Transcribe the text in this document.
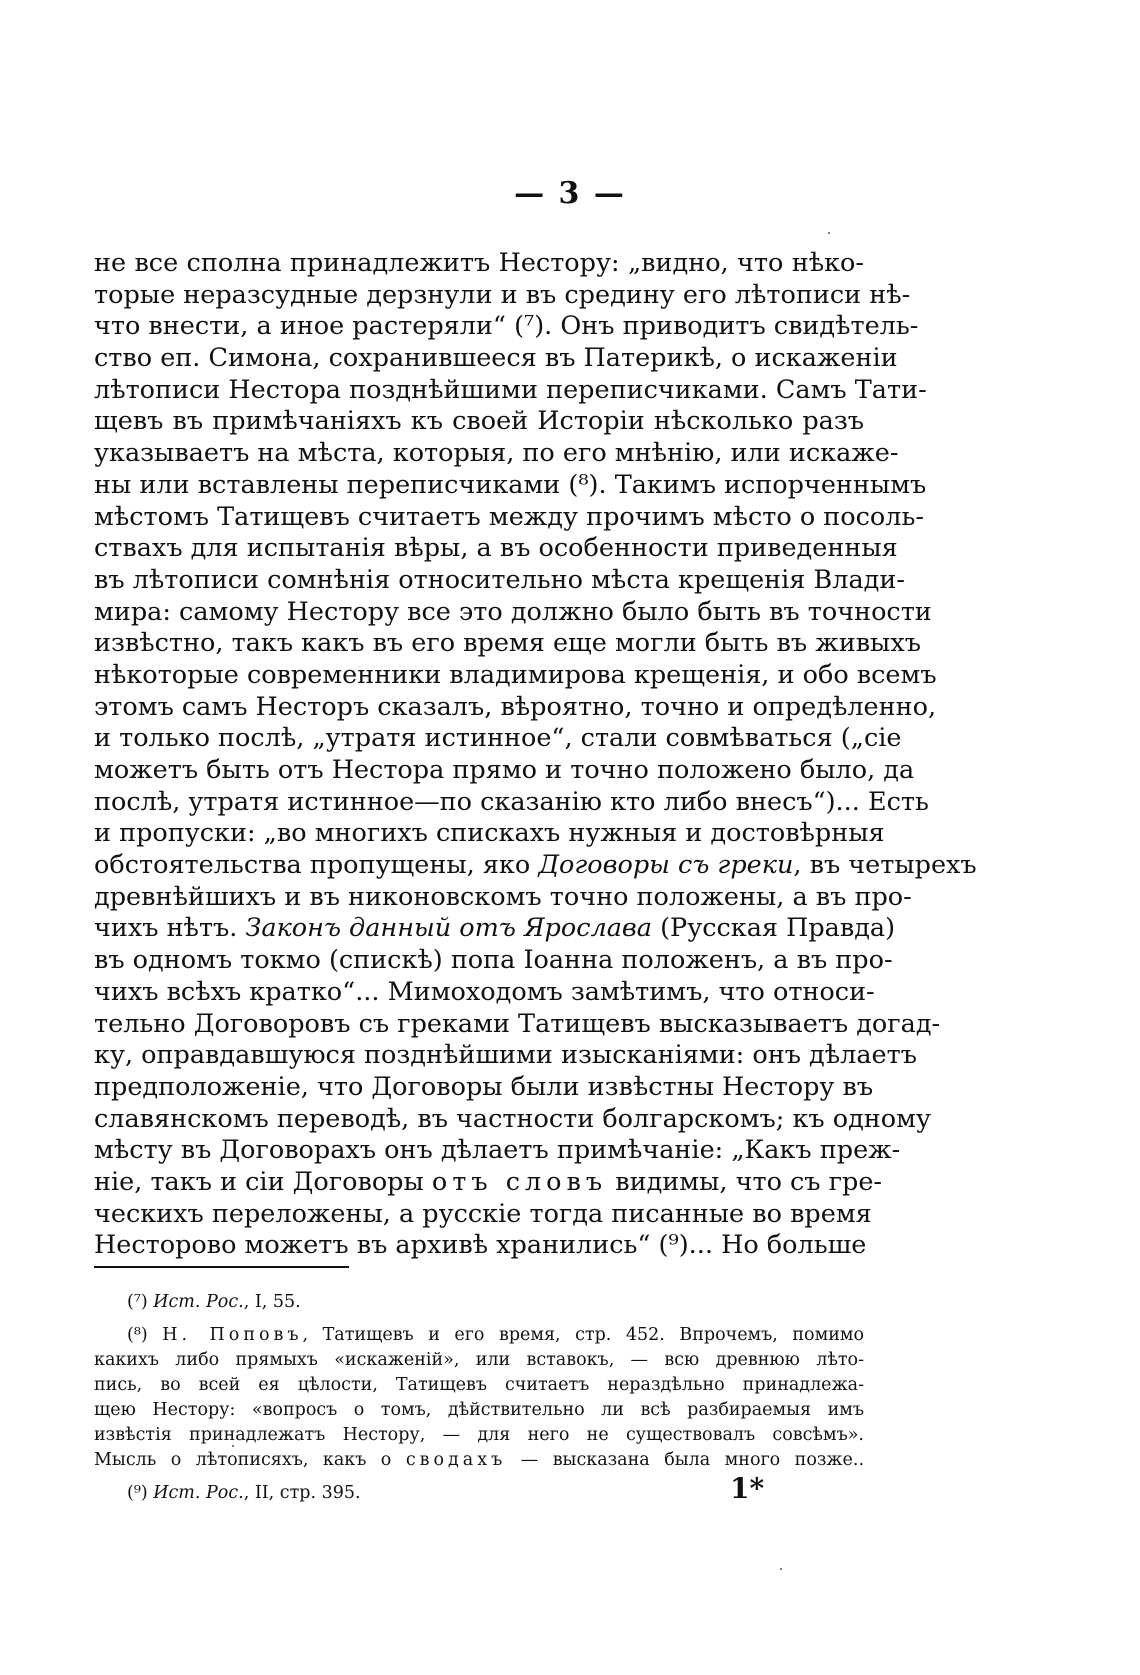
— 3 —
не все сполна принадлежитъ Нестору: „видно, что нѣко-
торые неразсудные дерзнули и въ средину его лѣтописи нѣ-
что внести, а иное растеряли“ (⁷). Онъ приводитъ свидѣтель-
ство еп. Симона, сохранившееся въ Патерикѣ, о искаженіи
лѣтописи Нестора позднѣйшими переписчиками. Самъ Тати-
щевъ въ примѣчаніяхъ къ своей Исторіи нѣсколько разъ
указываетъ на мѣста, которыя, по его мнѣнію, или искаже-
ны или вставлены переписчиками (⁸). Такимъ испорченнымъ
мѣстомъ Татищевъ считаетъ между прочимъ мѣсто о посоль-
ствахъ для испытанія вѣры, а въ особенности приведенныя
въ лѣтописи сомнѣнія относительно мѣста крещенія Влади-
мира: самому Нестору все это должно было быть въ точности
извѣстно, такъ какъ въ его время еще могли быть въ живыхъ
нѣкоторые современники владимирова крещенія, и обо всемъ
этомъ самъ Несторъ сказалъ, вѣроятно, точно и опредѣленно,
и только послѣ, „утратя истинное“, стали совмѣваться („сіе
можетъ быть отъ Нестора прямо и точно положено было, да
послѣ, утратя истинное—по сказанію кто либо внесъ“)... Есть
и пропуски: „во многихъ спискахъ нужныя и достовѣрныя
обстоятельства пропущены, яко Договоры съ греки, въ четырехъ
древнѣйшихъ и въ никоновскомъ точно положены, а въ про-
чихъ нѣтъ. Законъ данный отъ Ярослава (Русская Правда)
въ одномъ токмо (спискѣ) попа Іоанна положенъ, а въ про-
чихъ всѣхъ кратко“... Мимоходомъ замѣтимъ, что относи-
тельно Договоровъ съ греками Татищевъ высказываетъ догад-
ку, оправдавшуюся позднѣйшими изысканіями: онъ дѣлаетъ
предположеніе, что Договоры были извѣстны Нестору въ
славянскомъ переводѣ, въ частности болгарскомъ; къ одному
мѣсту въ Договорахъ онъ дѣлаетъ примѣчаніе: „Какъ преж-
ніе, такъ и сіи Договоры отъ словъ видимы, что съ гре-
ческихъ переложены, а русскіе тогда писанные во время
Несторово можетъ въ архивѣ хранились“ (⁹)... Но больше
(⁷) Ист. Рос., I, 55.
(⁸) Н. Поповъ, Татищевъ и его время, стр. 452. Впрочемъ, помимо
какихъ либо прямыхъ «искаженій», или вставокъ, — всю древнюю лѣто-
пись, во всей ея цѣлости, Татищевъ считаетъ нераздѣльно принадлежа-
щею Нестору: «вопросъ о томъ, дѣйствительно ли всѣ разбираемыя имъ
извѣстія принадлежатъ Нестору, — для него не существовалъ совсѣмъ».
Мысль о лѣтописяхъ, какъ о сводахъ — высказана была много позже..
(⁹) Ист. Рос., II, стр. 395.	1*
